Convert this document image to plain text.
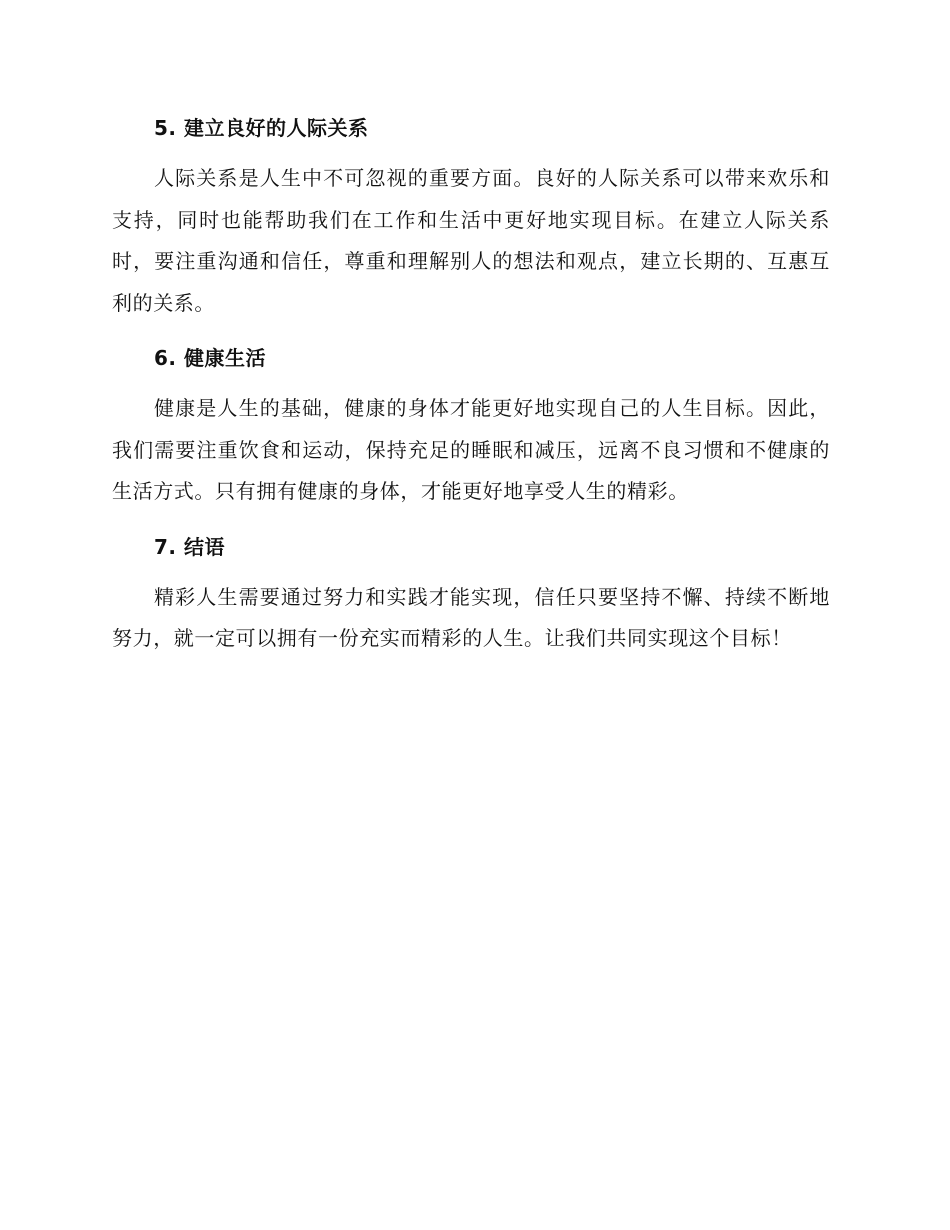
5. 建立良好的人际关系

人际关系是人生中不可忽视的重要方面。良好的人际关系可以带来欢乐和支持，同时也能帮助我们在工作和生活中更好地实现目标。在建立人际关系时，要注重沟通和信任，尊重和理解别人的想法和观点，建立长期的、互惠互利的关系。

6. 健康生活

健康是人生的基础，健康的身体才能更好地实现自己的人生目标。因此，我们需要注重饮食和运动，保持充足的睡眠和减压，远离不良习惯和不健康的生活方式。只有拥有健康的身体，才能更好地享受人生的精彩。

7. 结语

精彩人生需要通过努力和实践才能实现，信任只要坚持不懈、持续不断地努力，就一定可以拥有一份充实而精彩的人生。让我们共同实现这个目标！
